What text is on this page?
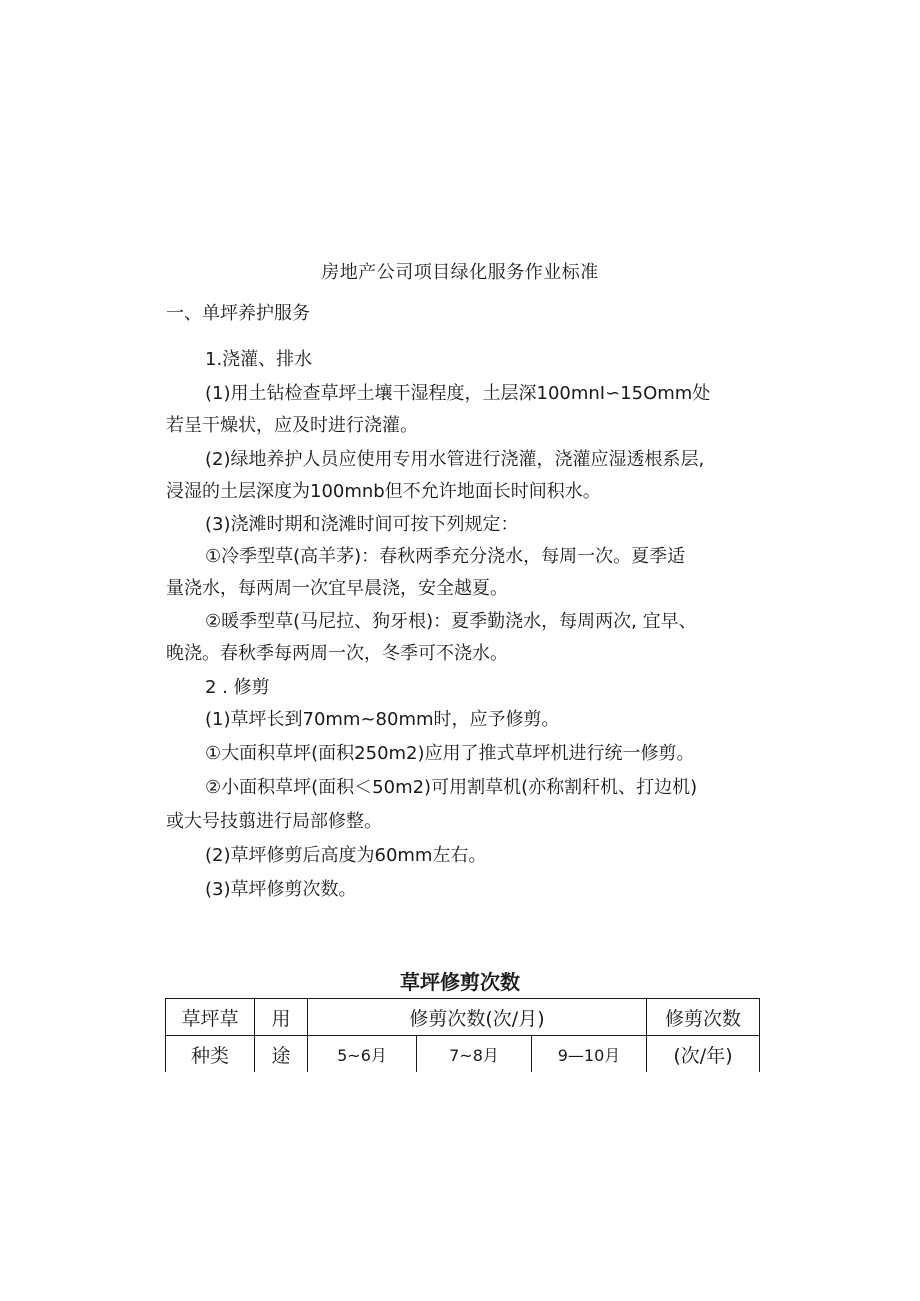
房地产公司项目绿化服务作业标准
一、单坪养护服务
1.浇灌、排水
(1)用土钻检查草坪土壤干湿程度，土层深100mnI∽15Omm处
若呈干燥状，应及时进行浇灌。
(2)绿地养护人员应使用专用水管进行浇灌，浇灌应湿透根系层,
浸湿的土层深度为100mnb但不允许地面长时间积水。
(3)浇滩时期和浇滩时间可按下列规定：
①冷季型草(高羊茅)：春秋两季充分浇水，每周一次。夏季适
量浇水，每两周一次宜早晨浇，安全越夏。
②暖季型草(马尼拉、狗牙根)：夏季勤浇水，每周两次, 宜早、
晚浇。春秋季每两周一次，冬季可不浇水。
2 . 修剪
(1)草坪长到70mm~80mm时，应予修剪。
①大面积草坪(面积250m2)应用了推式草坪机进行统一修剪。
②小面积草坪(面积＜50m2)可用割草机(亦称割秆机、打边机)
或大号技翦进行局部修整。
(2)草坪修剪后高度为60mm左右。
(3)草坪修剪次数。
草坪修剪次数
草坪草	用	修剪次数(次/月)			修剪次数
种类	途	5~6月	7~8月	9—10月	(次/年)
